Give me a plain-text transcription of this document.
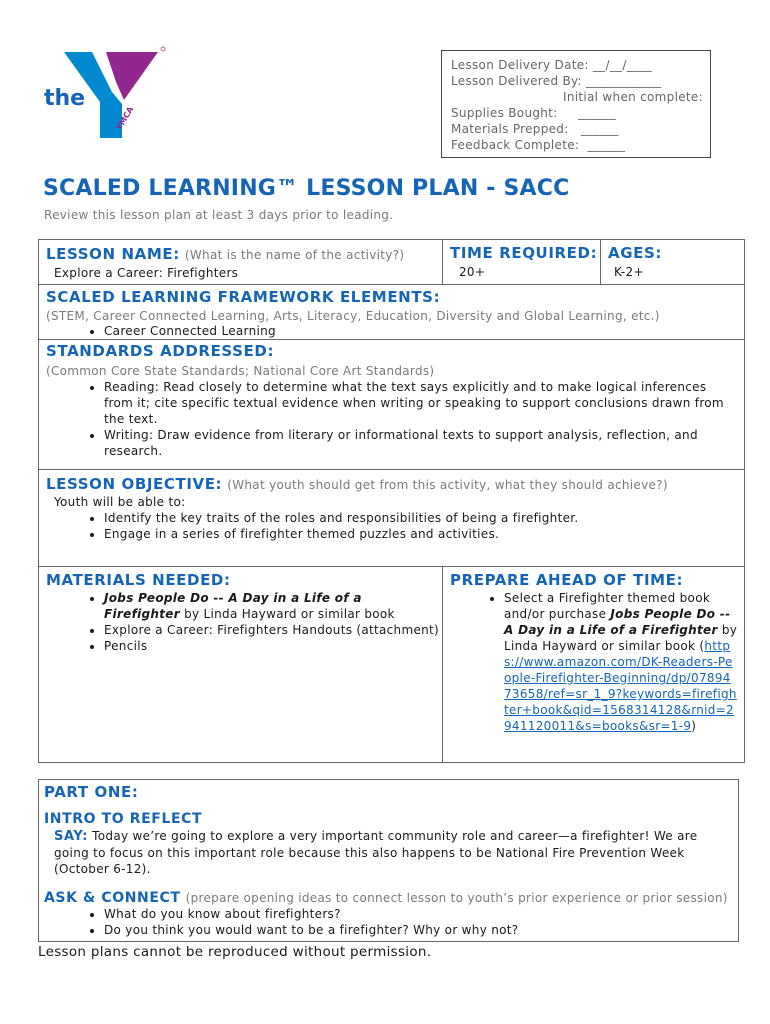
the
YMCA
Lesson Delivery Date: __/__/____
Lesson Delivered By: ____________
Initial when complete:
Supplies Bought:     ______
Materials Prepped:   ______
Feedback Complete:  ______
SCALED LEARNING™ LESSON PLAN - SACC
Review this lesson plan at least 3 days prior to leading.
LESSON NAME: (What is the name of the activity?)
Explore a Career: Firefighters
TIME REQUIRED:
20+
AGES:
K-2+
SCALED LEARNING FRAMEWORK ELEMENTS:
(STEM, Career Connected Learning, Arts, Literacy, Education, Diversity and Global Learning, etc.)
• Career Connected Learning
STANDARDS ADDRESSED:
(Common Core State Standards; National Core Art Standards)
• Reading: Read closely to determine what the text says explicitly and to make logical inferences from it; cite specific textual evidence when writing or speaking to support conclusions drawn from the text.
• Writing: Draw evidence from literary or informational texts to support analysis, reflection, and research.
LESSON OBJECTIVE: (What youth should get from this activity, what they should achieve?)
Youth will be able to:
• Identify the key traits of the roles and responsibilities of being a firefighter.
• Engage in a series of firefighter themed puzzles and activities.
MATERIALS NEEDED:
• Jobs People Do -- A Day in a Life of a Firefighter by Linda Hayward or similar book
• Explore a Career: Firefighters Handouts (attachment)
• Pencils
PREPARE AHEAD OF TIME:
• Select a Firefighter themed book and/or purchase Jobs People Do -- A Day in a Life of a Firefighter by Linda Hayward or similar book (https://www.amazon.com/DK-Readers-People-Firefighter-Beginning/dp/0789473658/ref=sr_1_9?keywords=firefighter+book&qid=1568314128&rnid=2941120011&s=books&sr=1-9)
PART ONE:
INTRO TO REFLECT
SAY: Today we’re going to explore a very important community role and career—a firefighter! We are going to focus on this important role because this also happens to be National Fire Prevention Week (October 6-12).
ASK & CONNECT (prepare opening ideas to connect lesson to youth’s prior experience or prior session)
• What do you know about firefighters?
• Do you think you would want to be a firefighter? Why or why not?
Lesson plans cannot be reproduced without permission.
